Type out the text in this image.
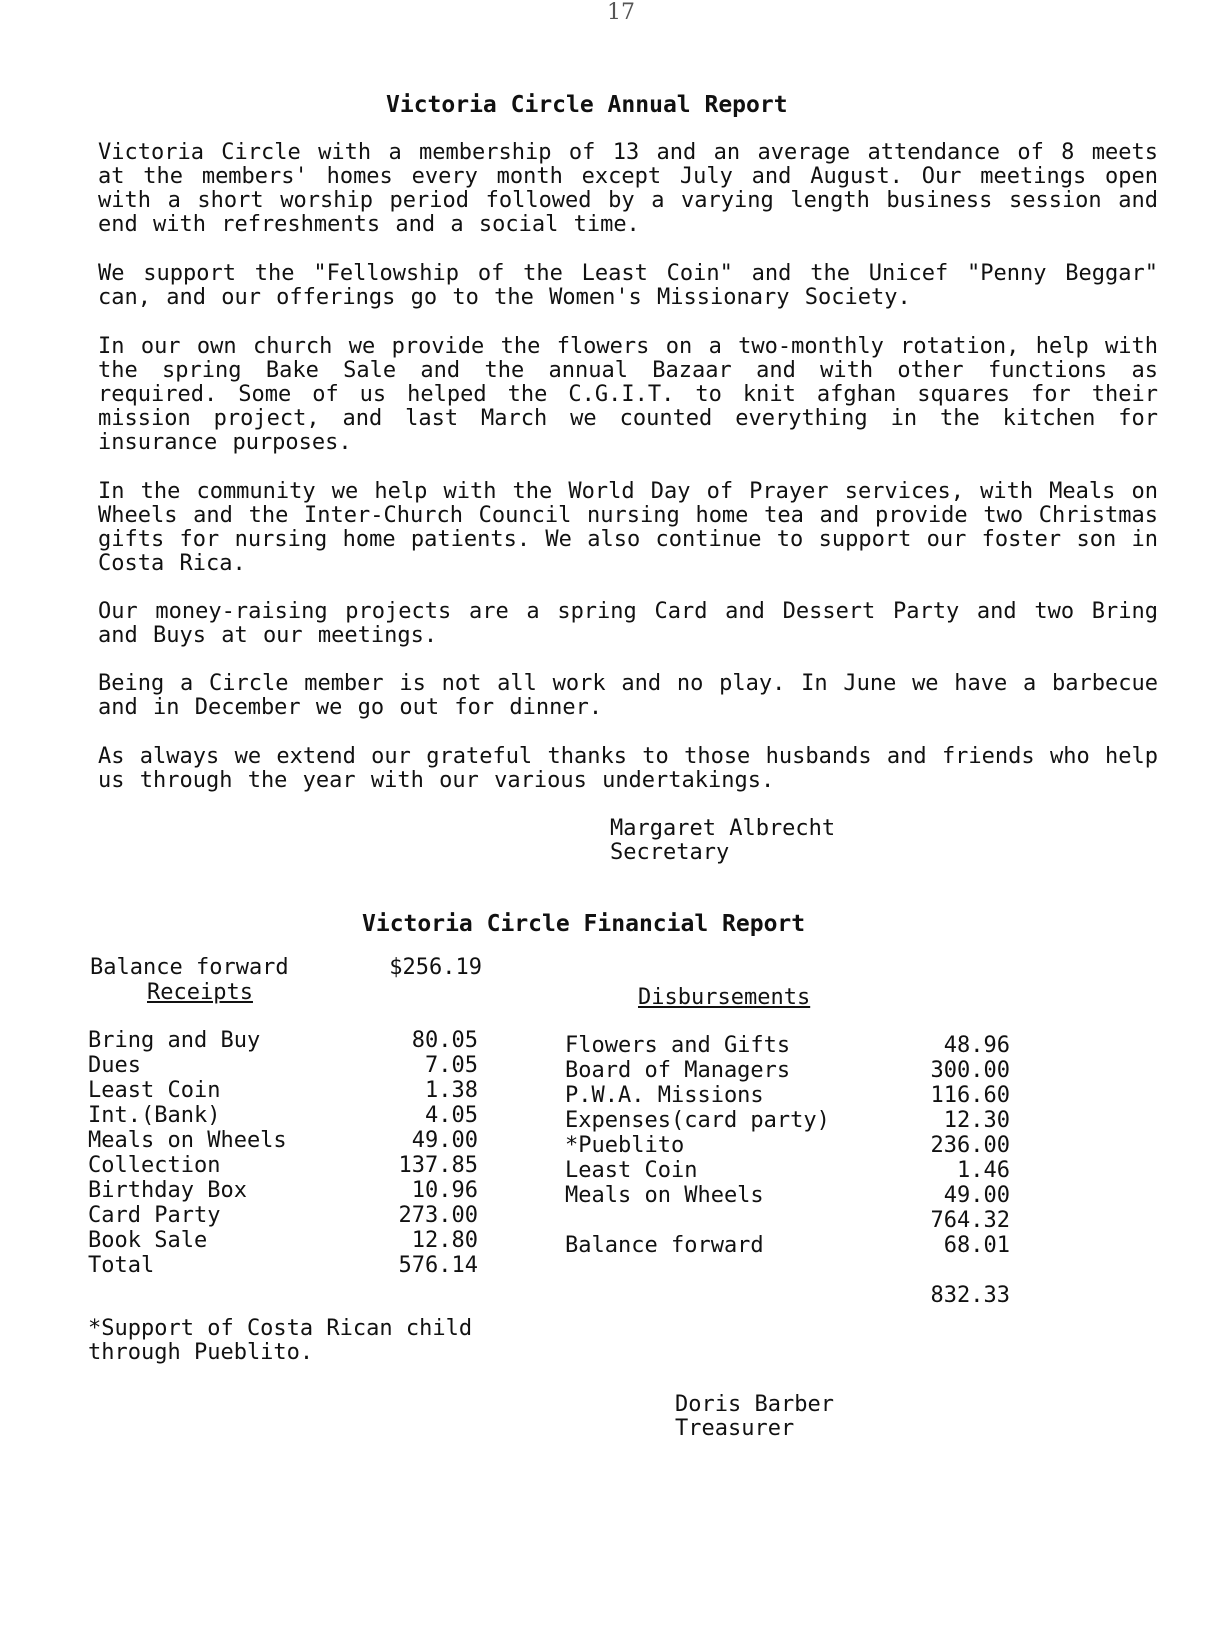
17
Victoria Circle Annual Report
Victoria Circle with a membership of 13 and an average attendance of 8 meets at the members' homes every month except July and August. Our meetings open with a short worship period followed by a varying length business session and end with refreshments and a social time.
We support the "Fellowship of the Least Coin" and the Unicef "Penny Beggar" can, and our offerings go to the Women's Missionary Society.
In our own church we provide the flowers on a two-monthly rotation, help with the spring Bake Sale and the annual Bazaar and with other functions as required. Some of us helped the C.G.I.T. to knit afghan squares for their mission project, and last March we counted everything in the kitchen for insurance purposes.
In the community we help with the World Day of Prayer services, with Meals on Wheels and the Inter-Church Council nursing home tea and provide two Christmas gifts for nursing home patients. We also continue to support our foster son in Costa Rica.
Our money-raising projects are a spring Card and Dessert Party and two Bring and Buys at our meetings.
Being a Circle member is not all work and no play. In June we have a barbecue and in December we go out for dinner.
As always we extend our grateful thanks to those husbands and friends who help us through the year with our various undertakings.
Margaret Albrecht
Secretary
Victoria Circle Financial Report
Balance forward	$256.19
Receipts
Bring and Buy	80.05
Dues	7.05
Least Coin	1.38
Int.(Bank)	4.05
Meals on Wheels	49.00
Collection	137.85
Birthday Box	10.96
Card Party	273.00
Book Sale	12.80
Total	576.14
Disbursements
Flowers and Gifts	48.96
Board of Managers	300.00
P.W.A. Missions	116.60
Expenses(card party)	12.30
*Pueblito	236.00
Least Coin	1.46
Meals on Wheels	49.00
764.32
Balance forward	68.01
832.33
*Support of Costa Rican child
through Pueblito.
Doris Barber
Treasurer
